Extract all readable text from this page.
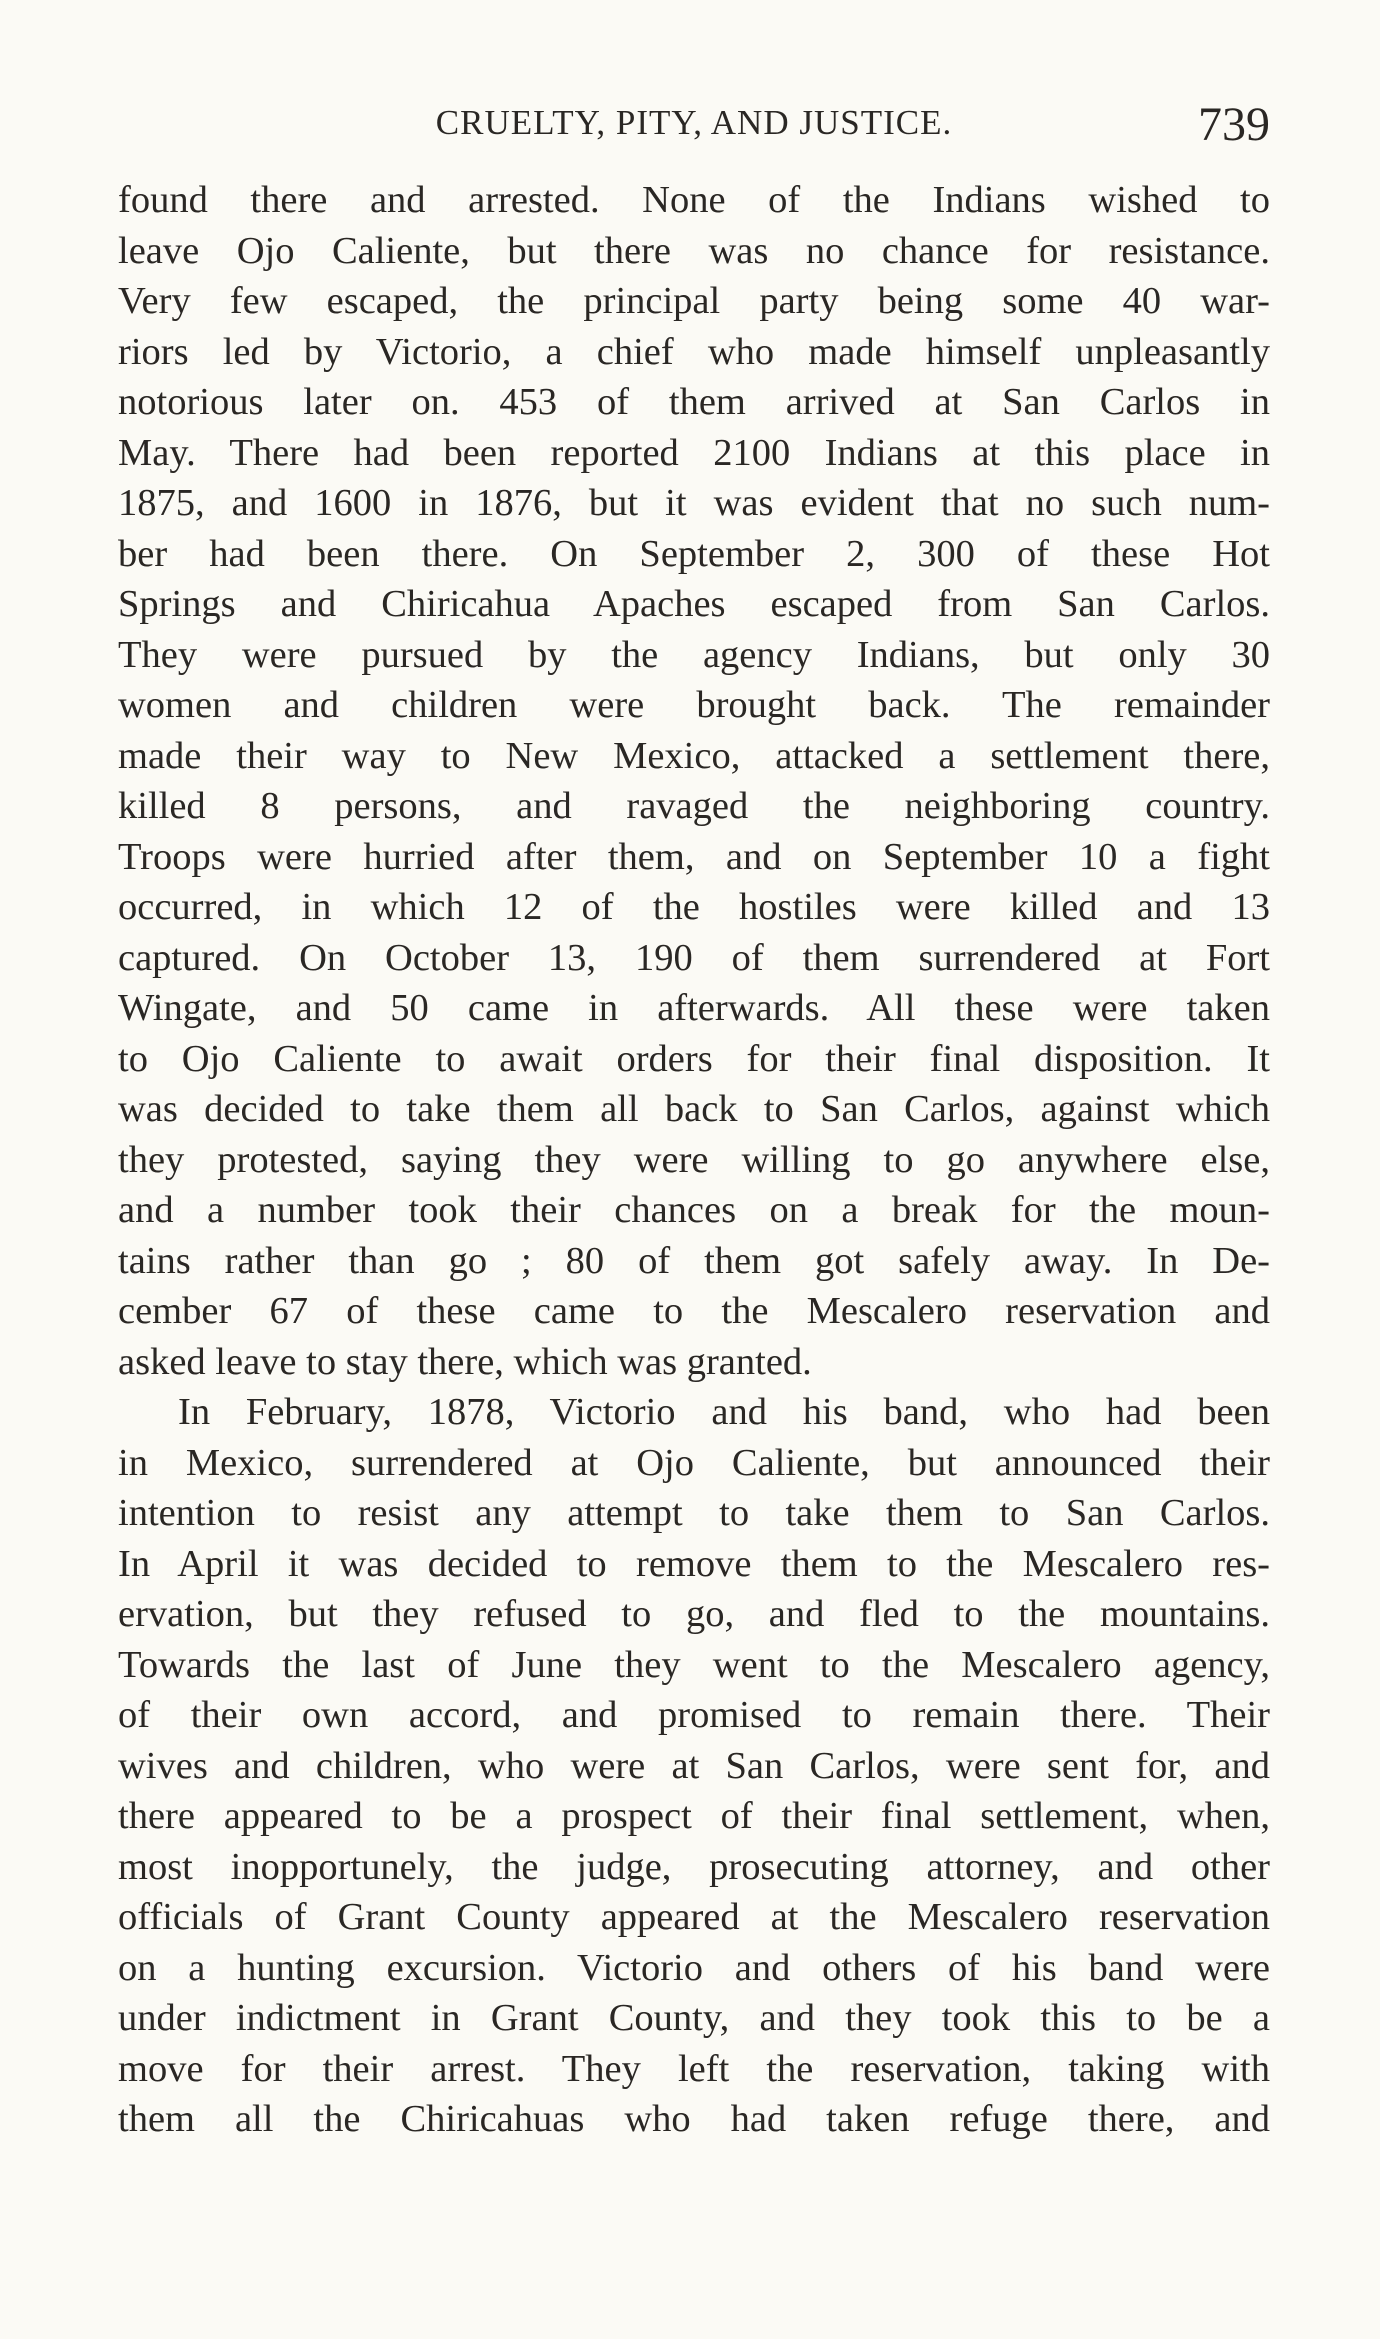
CRUELTY, PITY, AND JUSTICE.	739
found there and arrested. None of the Indians wished to
leave Ojo Caliente, but there was no chance for resistance.
Very few escaped, the principal party being some 40 war-
riors led by Victorio, a chief who made himself unpleasantly
notorious later on. 453 of them arrived at San Carlos in
May. There had been reported 2100 Indians at this place in
1875, and 1600 in 1876, but it was evident that no such num-
ber had been there. On September 2, 300 of these Hot
Springs and Chiricahua Apaches escaped from San Carlos.
They were pursued by the agency Indians, but only 30
women and children were brought back. The remainder
made their way to New Mexico, attacked a settlement there,
killed 8 persons, and ravaged the neighboring country.
Troops were hurried after them, and on September 10 a fight
occurred, in which 12 of the hostiles were killed and 13
captured. On October 13, 190 of them surrendered at Fort
Wingate, and 50 came in afterwards. All these were taken
to Ojo Caliente to await orders for their final disposition. It
was decided to take them all back to San Carlos, against which
they protested, saying they were willing to go anywhere else,
and a number took their chances on a break for the moun-
tains rather than go ; 80 of them got safely away. In De-
cember 67 of these came to the Mescalero reservation and
asked leave to stay there, which was granted.
In February, 1878, Victorio and his band, who had been
in Mexico, surrendered at Ojo Caliente, but announced their
intention to resist any attempt to take them to San Carlos.
In April it was decided to remove them to the Mescalero res-
ervation, but they refused to go, and fled to the mountains.
Towards the last of June they went to the Mescalero agency,
of their own accord, and promised to remain there. Their
wives and children, who were at San Carlos, were sent for, and
there appeared to be a prospect of their final settlement, when,
most inopportunely, the judge, prosecuting attorney, and other
officials of Grant County appeared at the Mescalero reservation
on a hunting excursion. Victorio and others of his band were
under indictment in Grant County, and they took this to be a
move for their arrest. They left the reservation, taking with
them all the Chiricahuas who had taken refuge there, and
